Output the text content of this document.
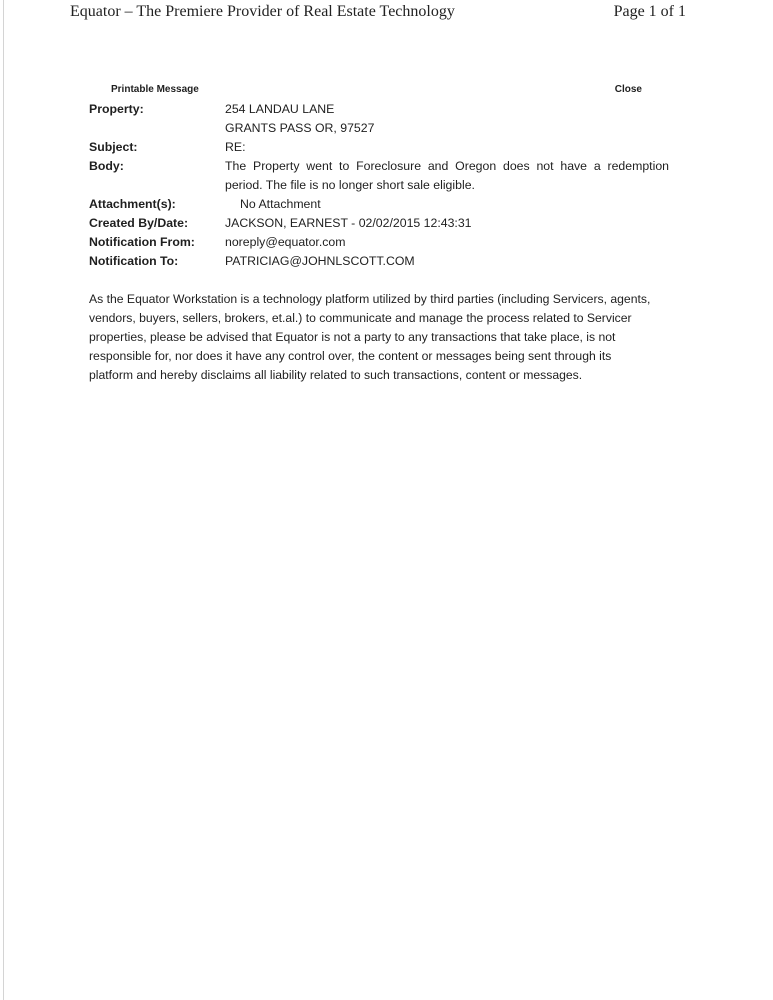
Equator – The Premiere Provider of Real Estate Technology	Page 1 of 1
Printable Message	Close
Property:	254 LANDAU LANE
GRANTS PASS OR, 97527
Subject:	RE:
Body:	The Property went to Foreclosure and Oregon does not have a redemption
period. The file is no longer short sale eligible.
Attachment(s):	No Attachment
Created By/Date:	JACKSON, EARNEST - 02/02/2015 12:43:31
Notification From:	noreply@equator.com
Notification To:	PATRICIAG@JOHNLSCOTT.COM
As the Equator Workstation is a technology platform utilized by third parties (including Servicers, agents,
vendors, buyers, sellers, brokers, et.al.) to communicate and manage the process related to Servicer
properties, please be advised that Equator is not a party to any transactions that take place, is not
responsible for, nor does it have any control over, the content or messages being sent through its
platform and hereby disclaims all liability related to such transactions, content or messages.
